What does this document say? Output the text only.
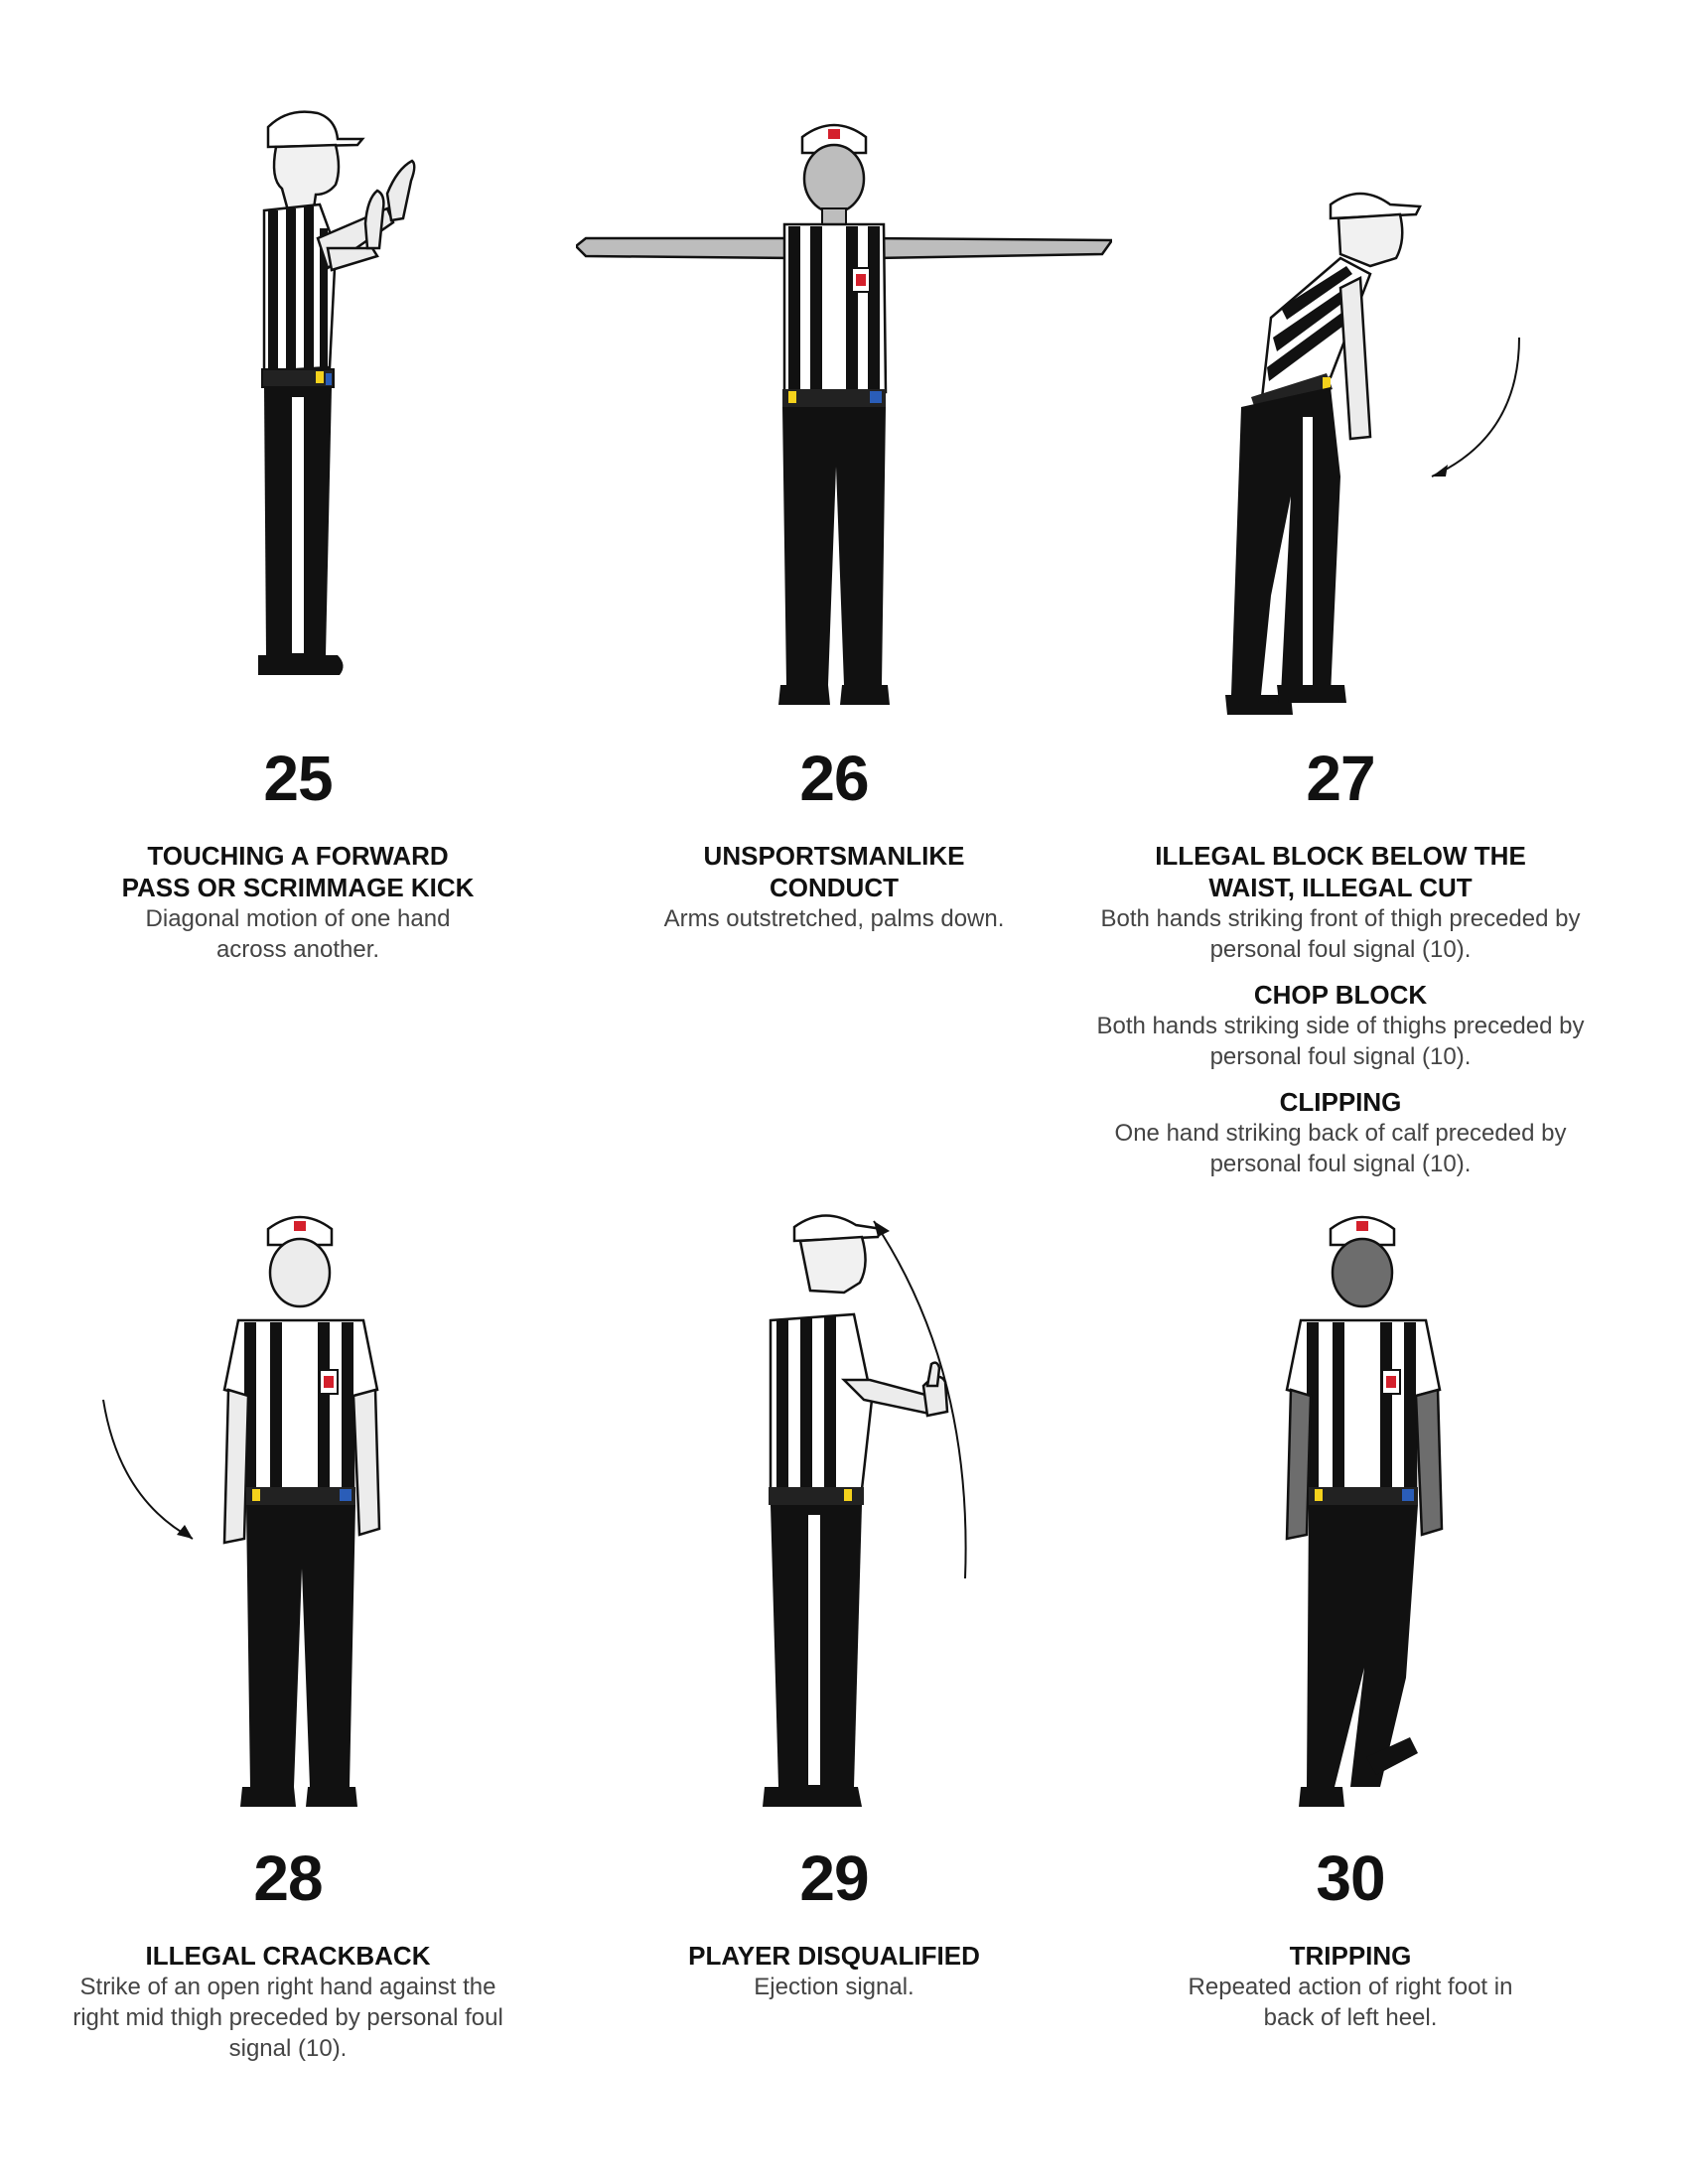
25
TOUCHING A FORWARD
PASS OR SCRIMMAGE KICK
Diagonal motion of one hand
across another.
26
UNSPORTSMANLIKE
CONDUCT
Arms outstretched, palms down.
27
ILLEGAL BLOCK BELOW THE
WAIST, ILLEGAL CUT
Both hands striking front of thigh preceded by
personal foul signal (10).
CHOP BLOCK
Both hands striking side of thighs preceded by
personal foul signal (10).
CLIPPING
One hand striking back of calf preceded by
personal foul signal (10).
28
ILLEGAL CRACKBACK
Strike of an open right hand against the
right mid thigh preceded by personal foul
signal (10).
29
PLAYER DISQUALIFIED
Ejection signal.
30
TRIPPING
Repeated action of right foot in
back of left heel.
